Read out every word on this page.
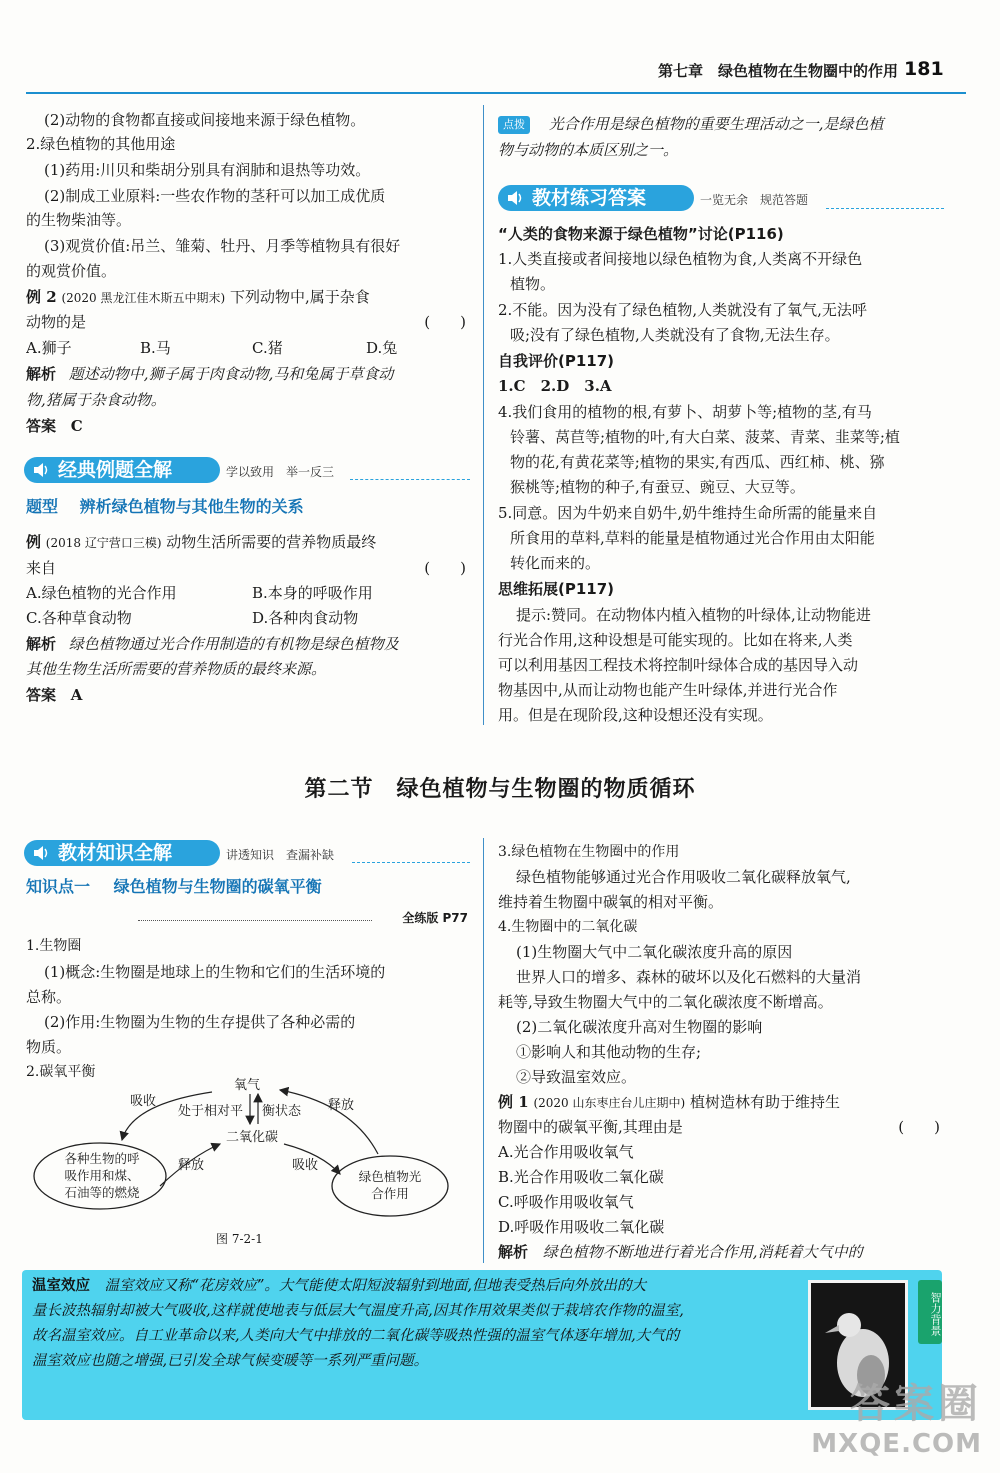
第七章　绿色植物在生物圈中的作用 181
(2)动物的食物都直接或间接地来源于绿色植物。
2.绿色植物的其他用途
(1)药用:川贝和柴胡分别具有润肺和退热等功效。
(2)制成工业原料:一些农作物的茎秆可以加工成优质
的生物柴油等。
(3)观赏价值:吊兰、雏菊、牡丹、月季等植物具有很好
的观赏价值。
例 2 (2020 黑龙江佳木斯五中期末) 下列动物中,属于杂食
动物的是	(　　)
A.狮子	B.马	C.猪	D.兔
解析 题述动物中,狮子属于肉食动物,马和兔属于草食动
物,猪属于杂食动物。
答案 C
经典例题全解	学以致用　举一反三
题型 辨析绿色植物与其他生物的关系
例 (2018 辽宁营口三模) 动物生活所需要的营养物质最终
来自	(　　)
A.绿色植物的光合作用	B.本身的呼吸作用
C.各种草食动物	D.各种肉食动物
解析 绿色植物通过光合作用制造的有机物是绿色植物及
其他生物生活所需要的营养物质的最终来源。
答案 A
点拨 光合作用是绿色植物的重要生理活动之一,是绿色植
物与动物的本质区别之一。
教材练习答案	一览无余　规范答题
“人类的食物来源于绿色植物”讨论(P116)
1.人类直接或者间接地以绿色植物为食,人类离不开绿色
植物。
2.不能。因为没有了绿色植物,人类就没有了氧气,无法呼
吸;没有了绿色植物,人类就没有了食物,无法生存。
自我评价(P117)
1.C　2.D　3.A
4.我们食用的植物的根,有萝卜、胡萝卜等;植物的茎,有马
铃薯、莴苣等;植物的叶,有大白菜、菠菜、青菜、韭菜等;植
物的花,有黄花菜等;植物的果实,有西瓜、西红柿、桃、猕
猴桃等;植物的种子,有蚕豆、豌豆、大豆等。
5.同意。因为牛奶来自奶牛,奶牛维持生命所需的能量来自
所食用的草料,草料的能量是植物通过光合作用由太阳能
转化而来的。
思维拓展(P117)
提示:赞同。在动物体内植入植物的叶绿体,让动物能进
行光合作用,这种设想是可能实现的。比如在将来,人类
可以利用基因工程技术将控制叶绿体合成的基因导入动
物基因中,从而让动物也能产生叶绿体,并进行光合作
用。但是在现阶段,这种设想还没有实现。
第二节　绿色植物与生物圈的物质循环
教材知识全解	讲透知识　查漏补缺
知识点一 绿色植物与生物圈的碳氧平衡
全练版 P77
1.生物圈
(1)概念:生物圈是地球上的生物和它们的生活环境的
总称。
(2)作用:生物圈为生物的生存提供了各种必需的
物质。
2.碳氧平衡
氧气
二氧化碳
处于相对平 衡状态
吸收	释放
释放	吸收
各种生物的呼
吸作用和煤、
石油等的燃烧
绿色植物光
合作用
图 7-2-1
3.绿色植物在生物圈中的作用
绿色植物能够通过光合作用吸收二氧化碳释放氧气,
维持着生物圈中碳氧的相对平衡。
4.生物圈中的二氧化碳
(1)生物圈大气中二氧化碳浓度升高的原因
世界人口的增多、森林的破坏以及化石燃料的大量消
耗等,导致生物圈大气中的二氧化碳浓度不断增高。
(2)二氧化碳浓度升高对生物圈的影响
①影响人和其他动物的生存;
②导致温室效应。
例 1 (2020 山东枣庄台儿庄期中) 植树造林有助于维持生
物圈中的碳氧平衡,其理由是	(　　)
A.光合作用吸收氧气
B.光合作用吸收二氧化碳
C.呼吸作用吸收氧气
D.呼吸作用吸收二氧化碳
解析 绿色植物不断地进行着光合作用,消耗着大气中的
温室效应 温室效应又称“花房效应”。大气能使太阳短波辐射到地面,但地表受热后向外放出的大
量长波热辐射却被大气吸收,这样就使地表与低层大气温度升高,因其作用效果类似于栽培农作物的温室,
故名温室效应。自工业革命以来,人类向大气中排放的二氧化碳等吸热性强的温室气体逐年增加,大气的
温室效应也随之增强,已引发全球气候变暖等一系列严重问题。
智力背景
答案圈
MXQE.COM
